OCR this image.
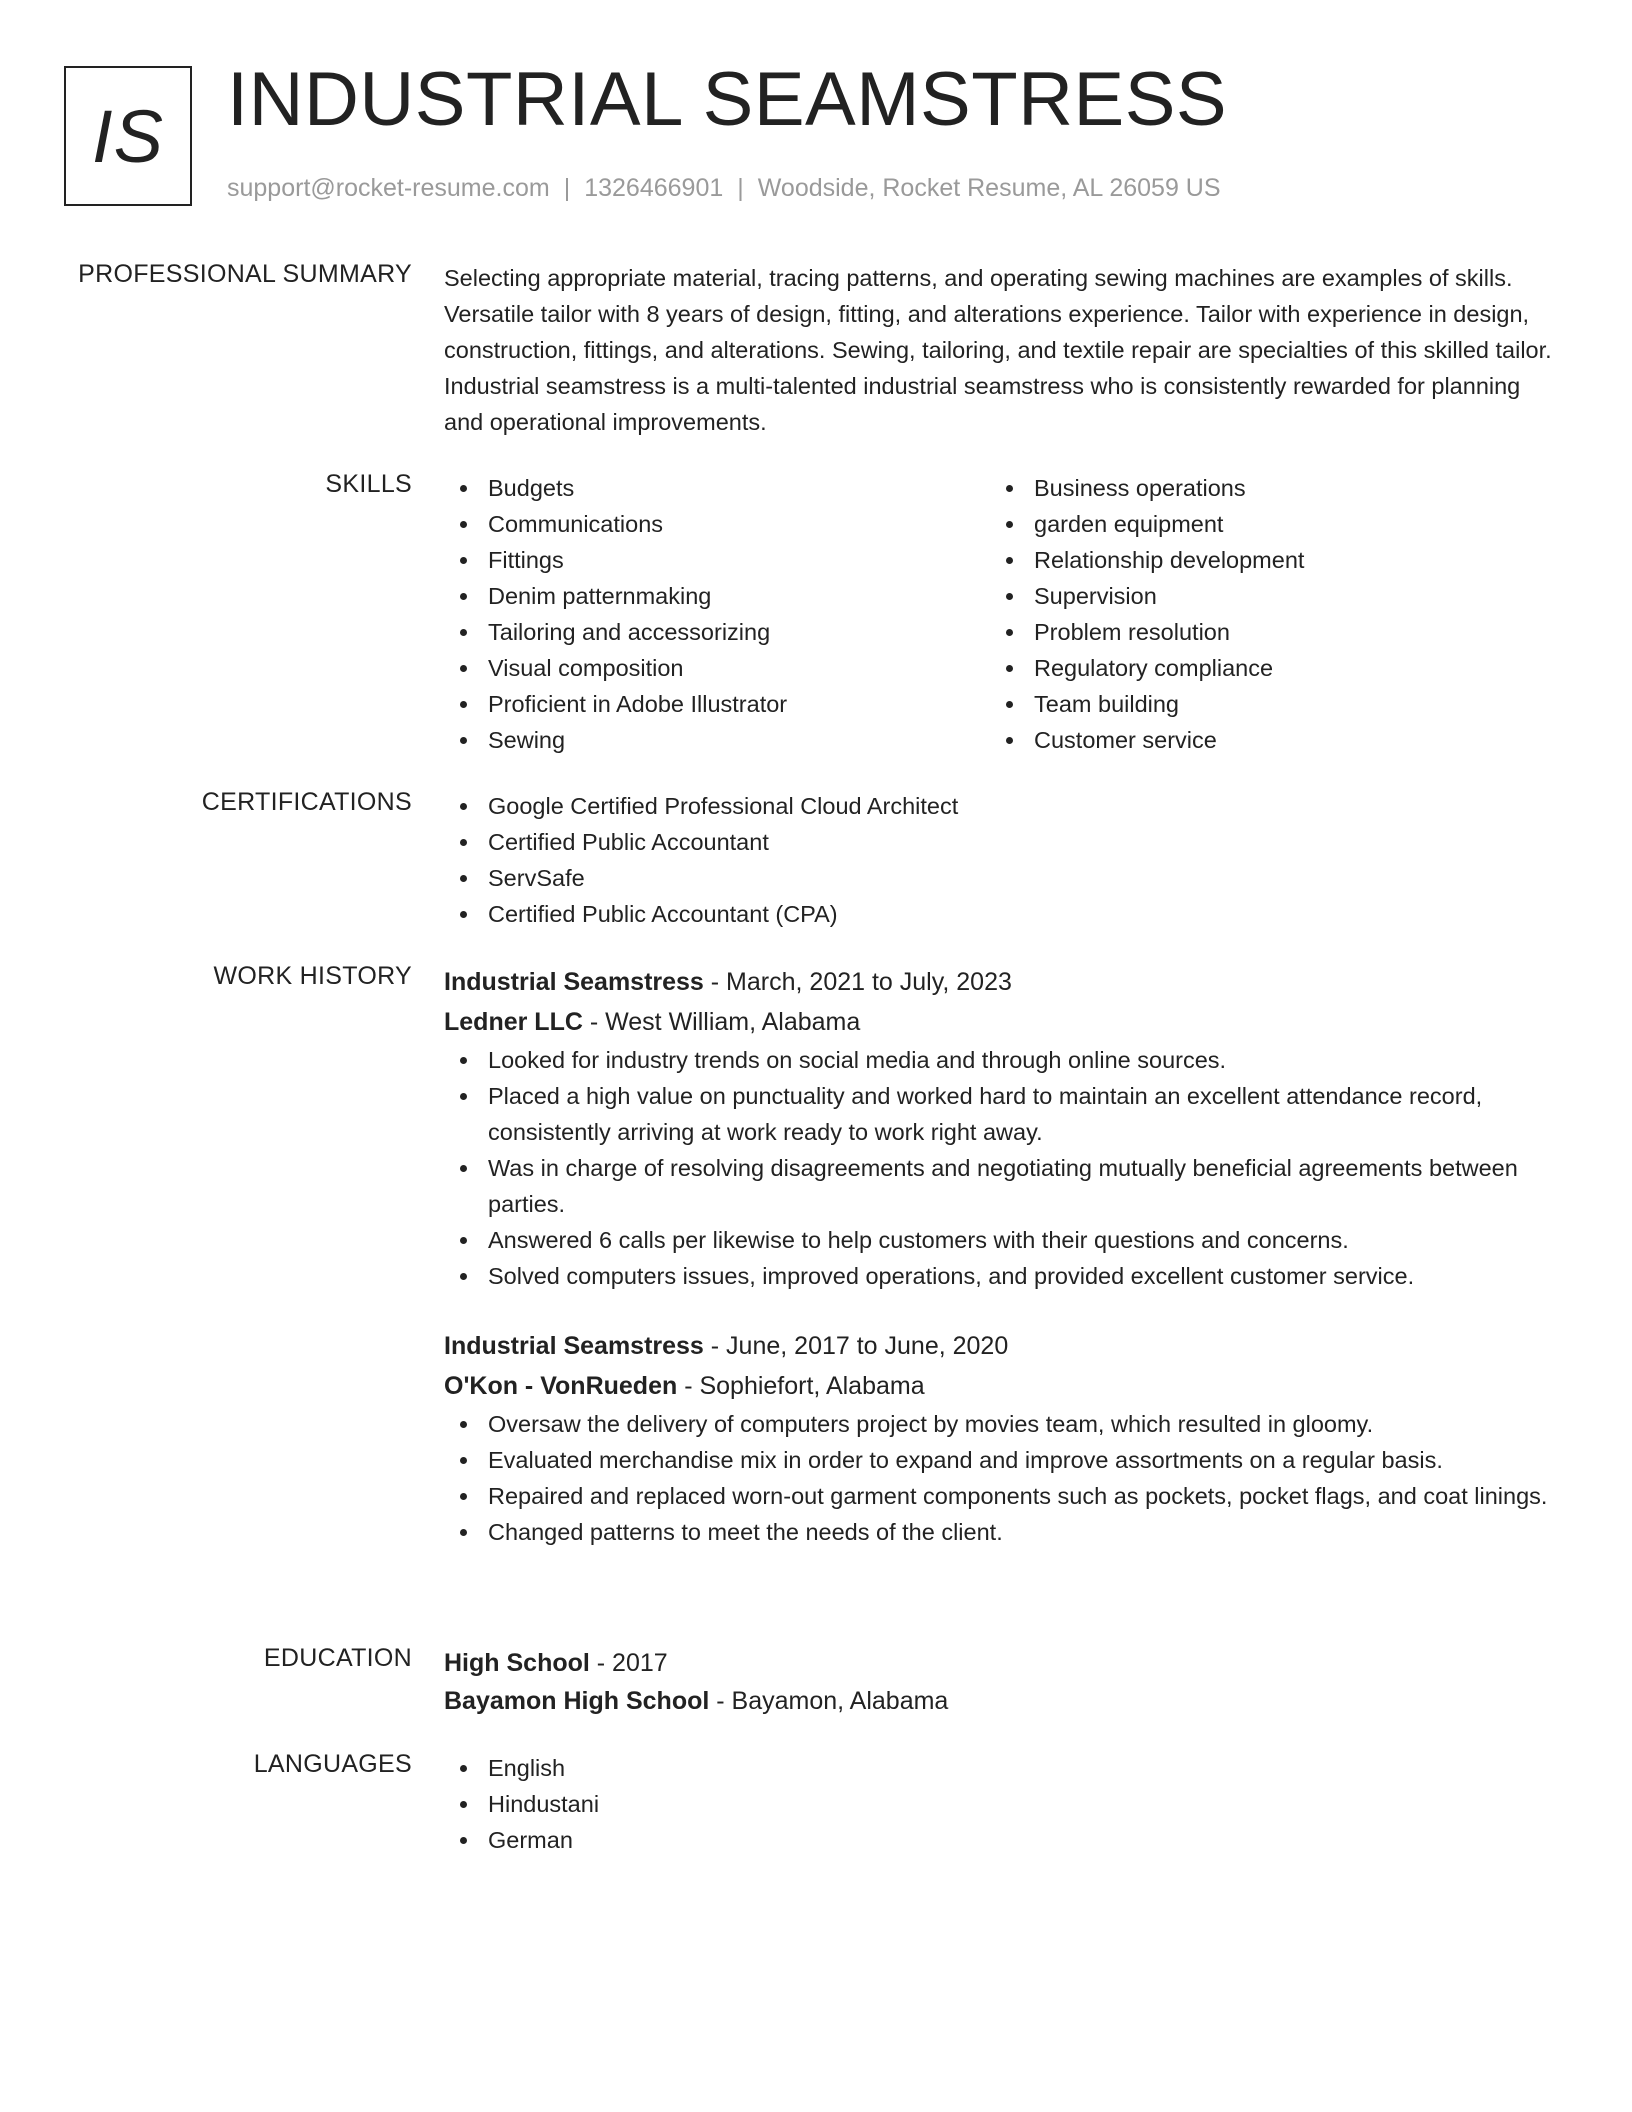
IS INDUSTRIAL SEAMSTRESS
support@rocket-resume.com | 1326466901 | Woodside, Rocket Resume, AL 26059 US
PROFESSIONAL SUMMARY Selecting appropriate material, tracing patterns, and operating sewing machines are examples of skills. Versatile tailor with 8 years of design, fitting, and alterations experience. Tailor with experience in design, construction, fittings, and alterations. Sewing, tailoring, and textile repair are specialties of this skilled tailor. Industrial seamstress is a multi-talented industrial seamstress who is consistently rewarded for planning and operational improvements.

SKILLS	Budgets
Communications
Fittings
Denim patternmaking
Tailoring and accessorizing
Visual composition
Proficient in Adobe Illustrator
Sewing
Business operations
garden equipment
Relationship development
Supervision
Problem resolution
Regulatory compliance
Team building
Customer service
CERTIFICATIONS	Google Certified Professional Cloud Architect
Certified Public Accountant
ServSafe
Certified Public Accountant (CPA)
WORK HISTORY Industrial Seamstress - March, 2021 to July, 2023
Ledner LLC - West William, Alabama
Looked for industry trends on social media and through online sources.
Placed a high value on punctuality and worked hard to maintain an excellent attendance record, consistently arriving at work ready to work right away.
Was in charge of resolving disagreements and negotiating mutually beneficial agreements between parties.
Answered 6 calls per likewise to help customers with their questions and concerns.
Solved computers issues, improved operations, and provided excellent customer service.
Industrial Seamstress - June, 2017 to June, 2020
O'Kon - VonRueden - Sophiefort, Alabama
Oversaw the delivery of computers project by movies team, which resulted in gloomy.
Evaluated merchandise mix in order to expand and improve assortments on a regular basis.
Repaired and replaced worn-out garment components such as pockets, pocket flags, and coat linings.
Changed patterns to meet the needs of the client.
EDUCATION High School - 2017
Bayamon High School - Bayamon, Alabama
LANGUAGES	English
Hindustani
German
